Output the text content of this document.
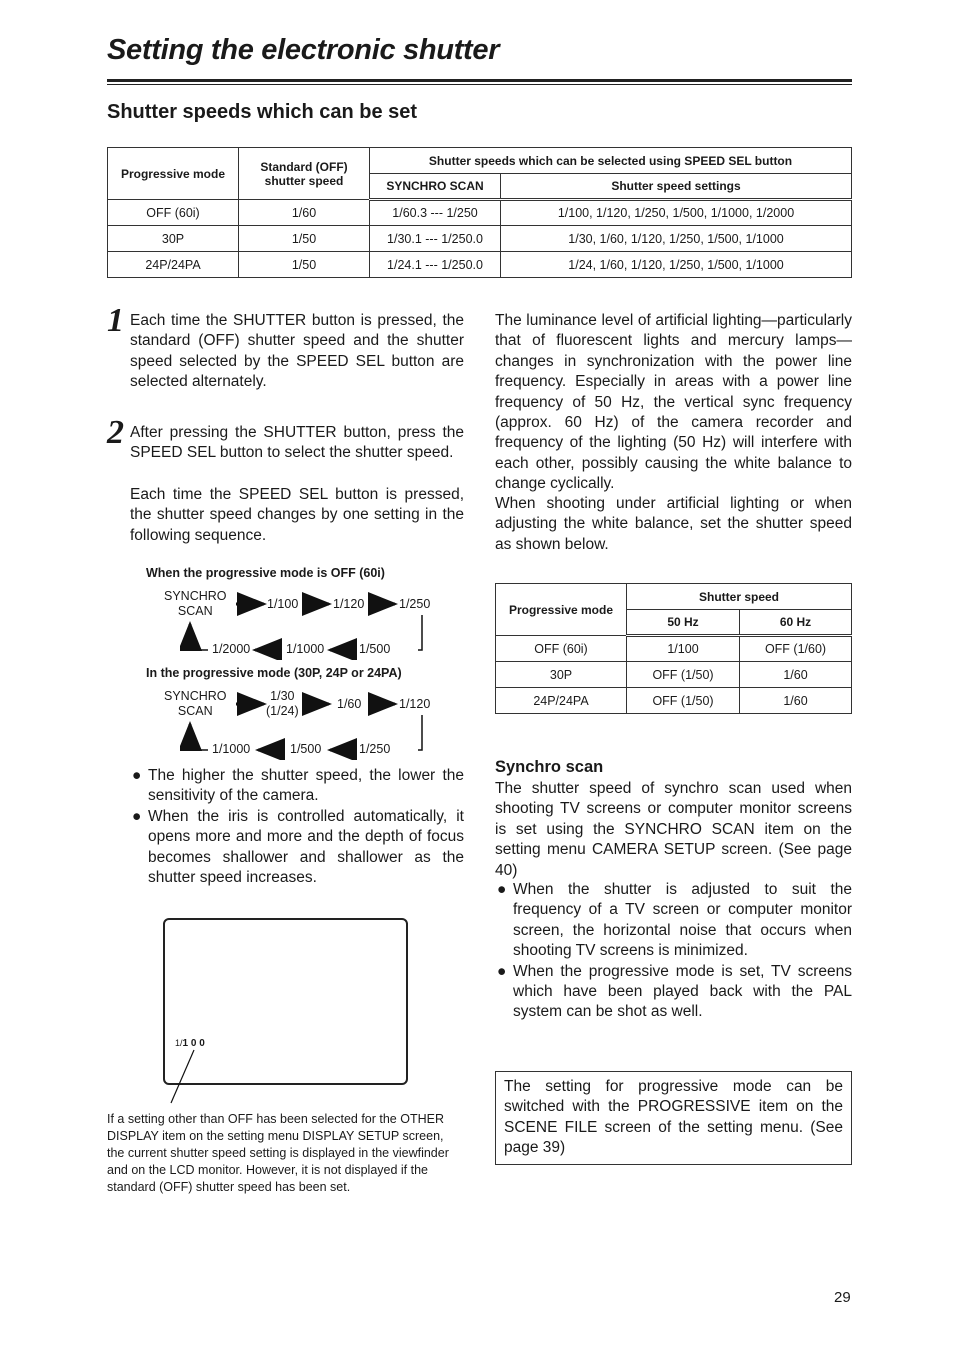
Setting the electronic shutter
Shutter speeds which can be set
Progressive mode	Standard (OFF) shutter speed	Shutter speeds which can be selected using SPEED SEL button	
		SYNCHRO SCAN	Shutter speed settings
OFF (60i)	1/60	1/60.3 --- 1/250	1/100, 1/120, 1/250, 1/500, 1/1000, 1/2000
30P	1/50	1/30.1 --- 1/250.0	1/30, 1/60, 1/120, 1/250, 1/500, 1/1000
24P/24PA	1/50	1/24.1 --- 1/250.0	1/24, 1/60, 1/120, 1/250, 1/500, 1/1000
1 Each time the SHUTTER button is pressed, the standard (OFF) shutter speed and the shutter speed selected by the SPEED SEL button are selected alternately.
2 After pressing the SHUTTER button, press the SPEED SEL button to select the shutter speed.
Each time the SPEED SEL button is pressed, the shutter speed changes by one setting in the following sequence.
When the progressive mode is OFF (60i)
SYNCHRO
SCAN	1/100	1/120	1/250
1/2000	1/1000	1/500
In the progressive mode (30P, 24P or 24PA)
SYNCHRO
SCAN
1/30
(1/24)	1/60	1/120
1/1000	1/500	1/250
● The higher the shutter speed, the lower the sensitivity of the camera.
● When the iris is controlled automatically, it opens more and more and the depth of focus becomes shallower and shallower as the shutter speed increases.
1/1 0 0
If a setting other than OFF has been selected for the OTHER DISPLAY item on the setting menu DISPLAY SETUP screen, the current shutter speed setting is displayed in the viewfinder and on the LCD monitor. However, it is not displayed if the standard (OFF) shutter speed has been set.
The luminance level of artificial lighting—particularly that of fluorescent lights and mercury lamps—changes in synchronization with the power line frequency. Especially in areas with a power line frequency of 50 Hz, the vertical sync frequency (approx. 60 Hz) of the camera recorder and frequency of the lighting (50 Hz) will interfere with each other, possibly causing the white balance to change cyclically.
When shooting under artificial lighting or when adjusting the white balance, set the shutter speed as shown below.
Progressive mode	Shutter speed	
	50 Hz	60 Hz
OFF (60i)	1/100	OFF (1/60)
30P	OFF (1/50)	1/60
24P/24PA	OFF (1/50)	1/60
Synchro scan
The shutter speed of synchro scan used when shooting TV screens or computer monitor screens is set using the SYNCHRO SCAN item on the setting menu CAMERA SETUP screen. (See page 40)
● When the shutter is adjusted to suit the frequency of a TV screen or computer monitor screen, the horizontal noise that occurs when shooting TV screens is minimized.
● When the progressive mode is set, TV screens which have been played back with the PAL system can be shot as well.
The setting for progressive mode can be switched with the PROGRESSIVE item on the SCENE FILE screen of the setting menu. (See page 39)
29
